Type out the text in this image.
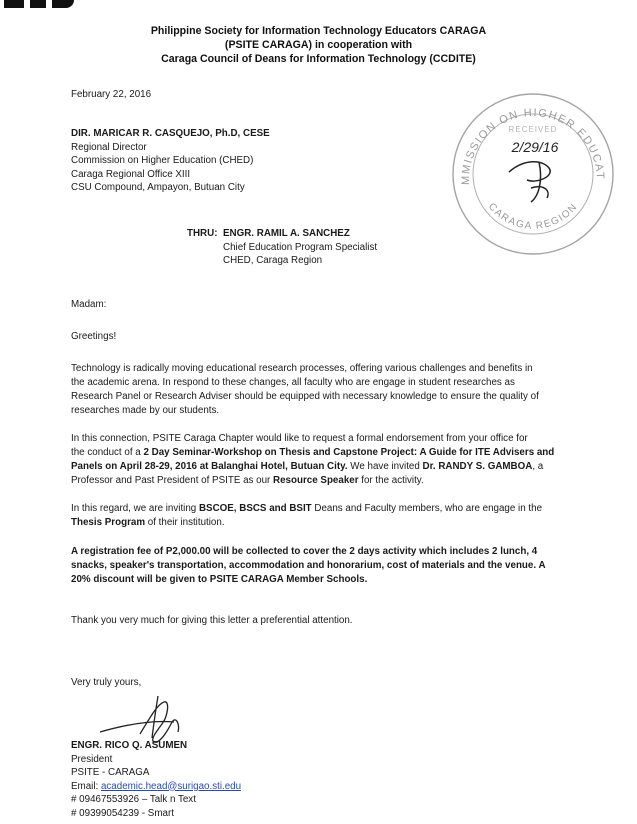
Philippine Society for Information Technology Educators CARAGA
(PSITE CARAGA) in cooperation with
Caraga Council of Deans for Information Technology (CCDITE)
February 22, 2016
DIR. MARICAR R. CASQUEJO, Ph.D, CESE
Regional Director
Commission on Higher Education (CHED)
Caraga Regional Office XIII
CSU Compound, Ampayon, Butuan City
THRU: ENGR. RAMIL A. SANCHEZ
Chief Education Program Specialist
CHED, Caraga Region
MMISSION ON HIGHER EDUCAT
CARAGA REGION
RECEIVED
2/29/16
Madam:
Greetings!
Technology is radically moving educational research processes, offering various challenges and benefits in
the academic arena. In respond to these changes, all faculty who are engage in student researches as
Research Panel or Research Adviser should be equipped with necessary knowledge to ensure the quality of
researches made by our students.
In this connection, PSITE Caraga Chapter would like to request a formal endorsement from your office for
the conduct of a 2 Day Seminar-Workshop on Thesis and Capstone Project: A Guide for ITE Advisers and
Panels on April 28-29, 2016 at Balanghai Hotel, Butuan City. We have invited Dr. RANDY S. GAMBOA, a
Professor and Past President of PSITE as our Resource Speaker for the activity.
In this regard, we are inviting BSCOE, BSCS and BSIT Deans and Faculty members, who are engage in the
Thesis Program of their institution.
A registration fee of P2,000.00 will be collected to cover the 2 days activity which includes 2 lunch, 4
snacks, speaker's transportation, accommodation and honorarium, cost of materials and the venue. A
20% discount will be given to PSITE CARAGA Member Schools.
Thank you very much for giving this letter a preferential attention.
Very truly yours,
ENGR. RICO Q. ASUMEN
President
PSITE - CARAGA
Email: academic.head@surigao.sti.edu
# 09467553926 – Talk n Text
# 09399054239 - Smart
